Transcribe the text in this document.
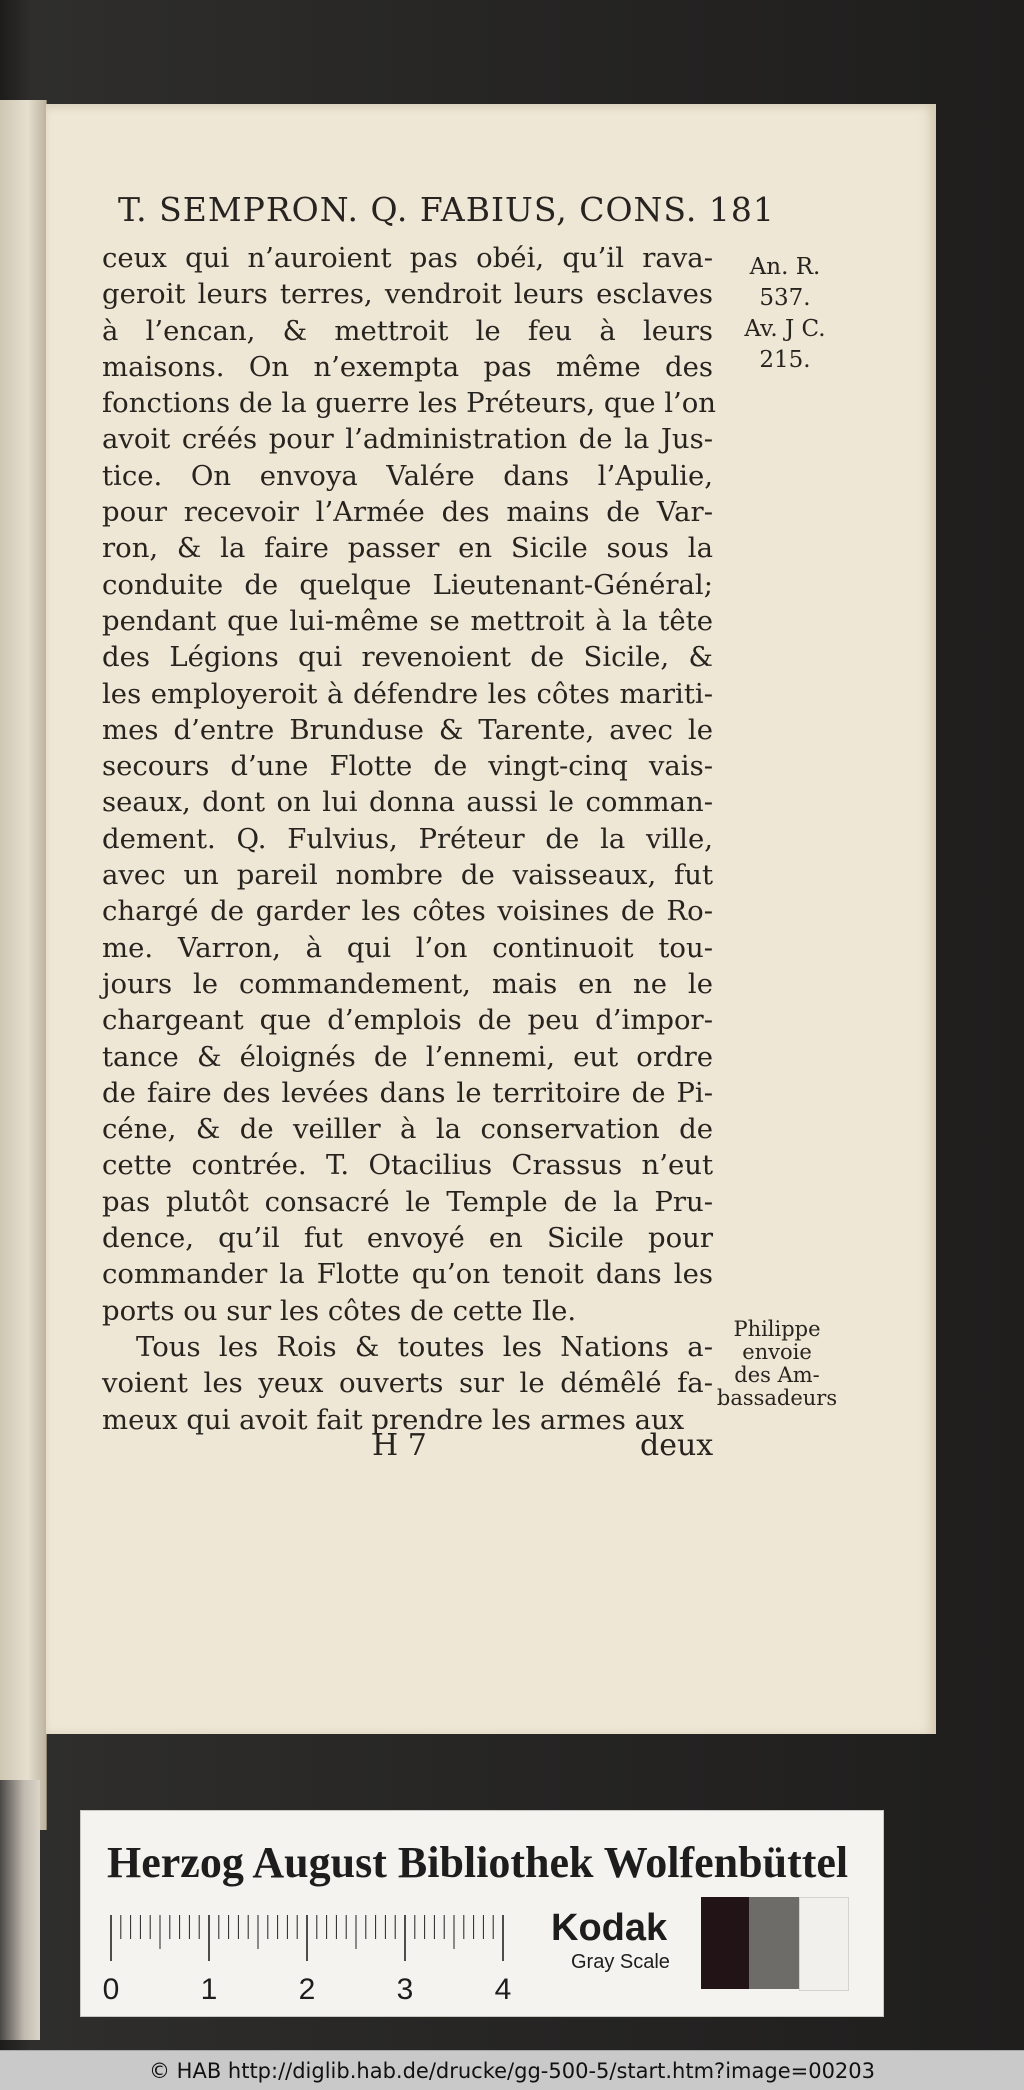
T. SEMPRON. Q. FABIUS, CONS. 181
ceux qui n’auroient pas obéi, qu’il rava-
geroit leurs terres, vendroit leurs esclaves
à l’encan, & mettroit le feu à leurs
maisons. On n’exempta pas même des
fonctions de la guerre les Préteurs, que l’on
avoit créés pour l’administration de la Jus-
tice. On envoya Valére dans l’Apulie,
pour recevoir l’Armée des mains de Var-
ron, & la faire passer en Sicile sous la
conduite de quelque Lieutenant-Général;
pendant que lui-même se mettroit à la tête
des Légions qui revenoient de Sicile, &
les employeroit à défendre les côtes mariti-
mes d’entre Brunduse & Tarente, avec le
secours d’une Flotte de vingt-cinq vais-
seaux, dont on lui donna aussi le comman-
dement. Q. Fulvius, Préteur de la ville,
avec un pareil nombre de vaisseaux, fut
chargé de garder les côtes voisines de Ro-
me. Varron, à qui l’on continuoit tou-
jours le commandement, mais en ne le
chargeant que d’emplois de peu d’impor-
tance & éloignés de l’ennemi, eut ordre
de faire des levées dans le territoire de Pi-
céne, & de veiller à la conservation de
cette contrée. T. Otacilius Crassus n’eut
pas plutôt consacré le Temple de la Pru-
dence, qu’il fut envoyé en Sicile pour
commander la Flotte qu’on tenoit dans les
ports ou sur les côtes de cette Ile.
Tous les Rois & toutes les Nations a-
voient les yeux ouverts sur le démêlé fa-
meux qui avoit fait prendre les armes aux
An. R.
537.
Av. J C.
215.
Philippe
envoie
des Am-
bassadeurs
H 7	deux
Herzog August Bibliothek Wolfenbüttel
0	1	2	3	4
Kodak
Gray Scale
© HAB http://diglib.hab.de/drucke/gg-500-5/start.htm?image=00203
